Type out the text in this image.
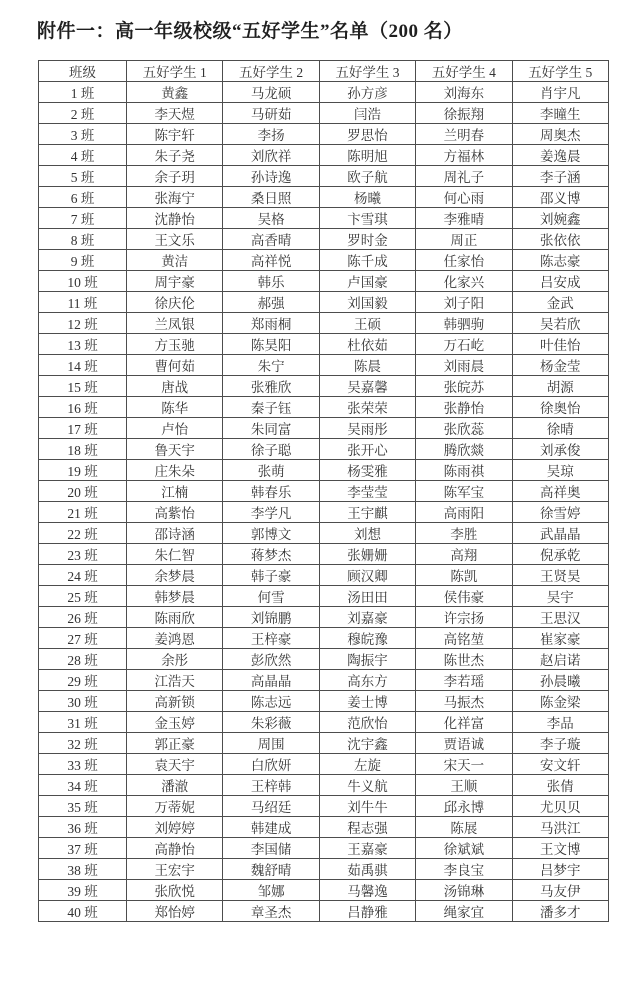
附件一：高一年级校级“五好学生”名单（200 名）
班级	五好学生 1	五好学生 2	五好学生 3	五好学生 4	五好学生 5
1 班	黄鑫	马龙硕	孙方彦	刘海东	肖宇凡
2 班	李天煜	马研茹	闫浩	徐振翔	李曈生
3 班	陈宇轩	李扬	罗思怡	兰明春	周奥杰
4 班	朱子尧	刘欣祥	陈明旭	方福林	姜逸晨
5 班	余子玥	孙诗逸	欧子航	周礼子	李子涵
6 班	张海宁	桑日照	杨曦	何心雨	邵义博
7 班	沈静怡	吴格	卞雪琪	李雅晴	刘婉鑫
8 班	王文乐	高香晴	罗时金	周正	张依依
9 班	黄洁	高祥悦	陈千成	任家怡	陈志豪
10 班	周宇豪	韩乐	卢国豪	化家兴	吕安成
11 班	徐庆伦	郝强	刘国毅	刘子阳	金武
12 班	兰凤银	郑雨桐	王硕	韩驷驹	吴若欣
13 班	方玉驰	陈昊阳	杜依茹	万石屹	叶佳怡
14 班	曹何茹	朱宁	陈晨	刘雨晨	杨金莹
15 班	唐战	张雅欣	吴嘉馨	张皖苏	胡源
16 班	陈华	秦子钰	张荣荣	张静怡	徐奥怡
17 班	卢怡	朱同富	吴雨彤	张欣蕊	徐晴
18 班	鲁天宇	徐子聪	张开心	腾欣燚	刘承俊
19 班	庄朱朵	张萌	杨雯雅	陈雨祺	吴琼
20 班	江楠	韩春乐	李莹莹	陈军宝	高祥奥
21 班	高紫怡	李学凡	王宇麒	高雨阳	徐雪婷
22 班	邵诗涵	郭博文	刘想	李胜	武晶晶
23 班	朱仁智	蒋梦杰	张姗姗	高翔	倪承乾
24 班	余梦晨	韩子豪	顾汉卿	陈凯	王贤昊
25 班	韩梦晨	何雪	汤田田	侯伟豪	吴宇
26 班	陈雨欣	刘锦鹏	刘嘉豪	许宗扬	王思汉
27 班	姜鸿恩	王梓豪	穆皖豫	高铭堃	崔家豪
28 班	余彤	彭欣然	陶振宇	陈世杰	赵启诺
29 班	江浩天	高晶晶	高东方	李若瑶	孙晨曦
30 班	高新锁	陈志远	姜士博	马振杰	陈金梁
31 班	金玉婷	朱彩薇	范欣怡	化祥富	李品
32 班	郭正豪	周围	沈宇鑫	贾语诚	李子璇
33 班	袁天宇	白欣妍	左旋	宋天一	安文轩
34 班	潘澈	王梓韩	牛义航	王顺	张倩
35 班	万蒂妮	马绍廷	刘牛牛	邱永博	尤贝贝
36 班	刘婷婷	韩建成	程志强	陈展	马洪江
37 班	高静怡	李国储	王嘉豪	徐斌斌	王文博
38 班	王宏宇	魏舒晴	茹禹骐	李良宝	吕梦宇
39 班	张欣悦	邹娜	马馨逸	汤锦琳	马友伊
40 班	郑怡婷	章圣杰	吕静雅	绳家宜	潘多才
